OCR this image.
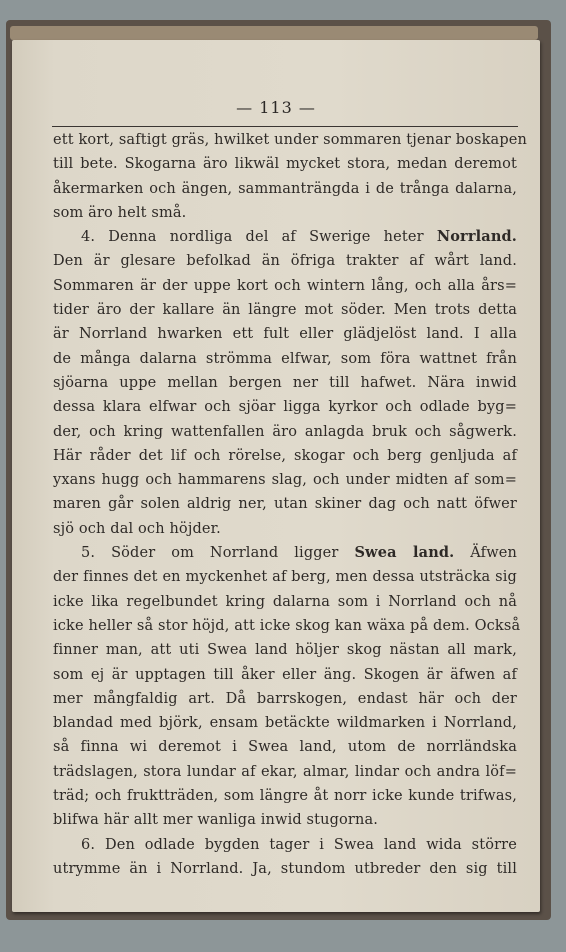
— 113 —
ett kort, saftigt gräs, hwilket under sommaren tjenar boskapen
till bete. Skogarna äro likwäl mycket stora, medan deremot
åkermarken och ängen, sammanträngda i de trånga dalarna,
som äro helt små.
4. Denna nordliga del af Swerige heter Norrland.
Den är glesare befolkad än öfriga trakter af wårt land.
Sommaren är der uppe kort och wintern lång, och alla års=
tider äro der kallare än längre mot söder. Men trots detta
är Norrland hwarken ett fult eller glädjelöst land. I alla
de många dalarna strömma elfwar, som föra wattnet från
sjöarna uppe mellan bergen ner till hafwet. Nära inwid
dessa klara elfwar och sjöar ligga kyrkor och odlade byg=
der, och kring wattenfallen äro anlagda bruk och sågwerk.
Här råder det lif och rörelse, skogar och berg genljuda af
yxans hugg och hammarens slag, och under midten af som=
maren går solen aldrig ner, utan skiner dag och natt öfwer
sjö och dal och höjder.
5. Söder om Norrland ligger Swea land. Äfwen
der finnes det en myckenhet af berg, men dessa utsträcka sig
icke lika regelbundet kring dalarna som i Norrland och nå
icke heller så stor höjd, att icke skog kan wäxa på dem. Också
finner man, att uti Swea land höljer skog nästan all mark,
som ej är upptagen till åker eller äng. Skogen är äfwen af
mer mångfaldig art. Då barrskogen, endast här och der
blandad med björk, ensam betäckte wildmarken i Norrland,
så finna wi deremot i Swea land, utom de norrländska
trädslagen, stora lundar af ekar, almar, lindar och andra löf=
träd; och fruktträden, som längre åt norr icke kunde trifwas,
blifwa här allt mer wanliga inwid stugorna.
6. Den odlade bygden tager i Swea land wida större
utrymme än i Norrland. Ja, stundom utbreder den sig till
